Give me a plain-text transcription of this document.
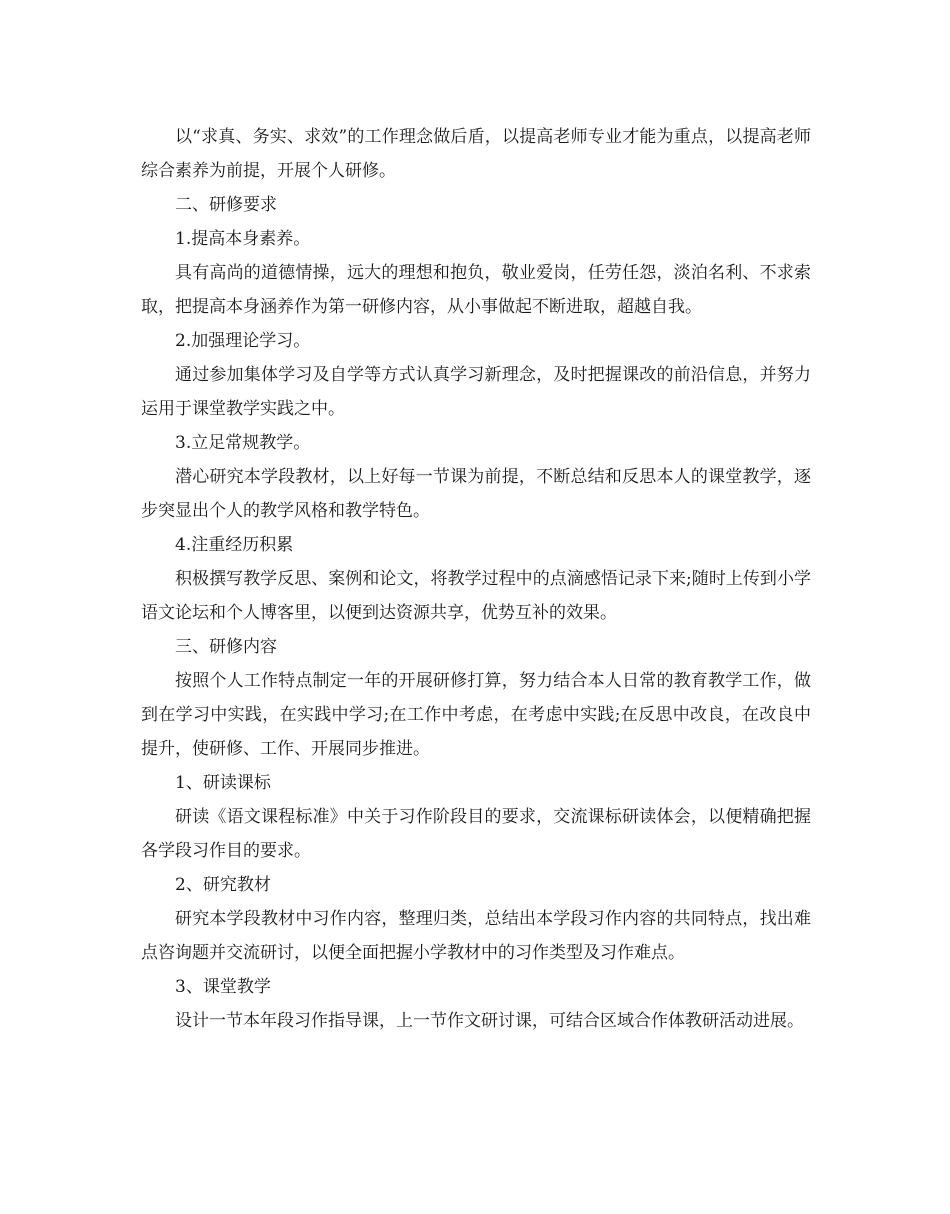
以“求真、务实、求效”的工作理念做后盾，以提高老师专业才能为重点，以提高老师综合素养为前提，开展个人研修。

二、研修要求

1.提高本身素养。

具有高尚的道德情操，远大的理想和抱负，敬业爱岗，任劳任怨，淡泊名利、不求索取，把提高本身涵养作为第一研修内容，从小事做起不断进取，超越自我。

2.加强理论学习。

通过参加集体学习及自学等方式认真学习新理念，及时把握课改的前沿信息，并努力运用于课堂教学实践之中。

3.立足常规教学。

潜心研究本学段教材，以上好每一节课为前提，不断总结和反思本人的课堂教学，逐步突显出个人的教学风格和教学特色。

4.注重经历积累

积极撰写教学反思、案例和论文，将教学过程中的点滴感悟记录下来;随时上传到小学语文论坛和个人博客里，以便到达资源共享，优势互补的效果。

三、研修内容

按照个人工作特点制定一年的开展研修打算，努力结合本人日常的教育教学工作，做到在学习中实践，在实践中学习;在工作中考虑，在考虑中实践;在反思中改良，在改良中提升，使研修、工作、开展同步推进。

1、研读课标

研读《语文课程标准》中关于习作阶段目的要求，交流课标研读体会，以便精确把握各学段习作目的要求。

2、研究教材

研究本学段教材中习作内容，整理归类，总结出本学段习作内容的共同特点，找出难点咨询题并交流研讨，以便全面把握小学教材中的习作类型及习作难点。

3、课堂教学

设计一节本年段习作指导课，上一节作文研讨课，可结合区域合作体教研活动进展。
